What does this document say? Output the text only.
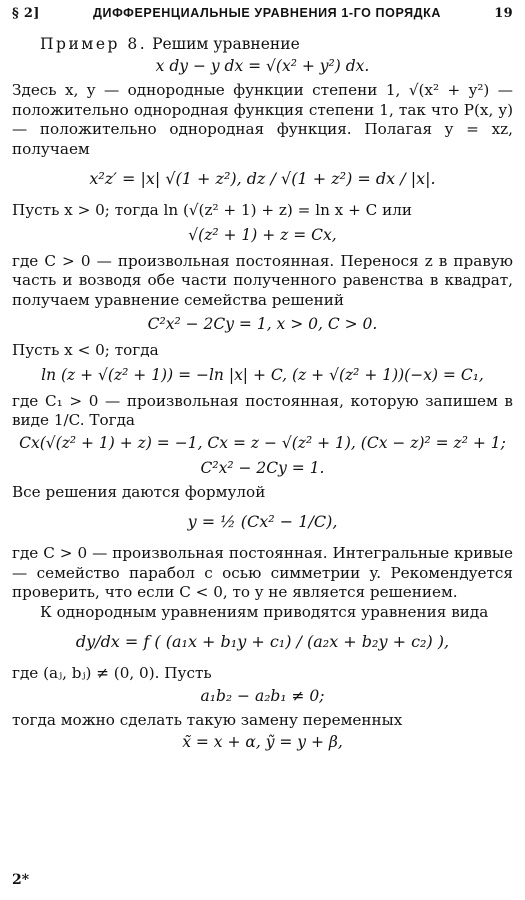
§ 2]	ДИФФЕРЕНЦИАЛЬНЫЕ УРАВНЕНИЯ 1-ГО ПОРЯДКА	19

Пример 8. Решим уравнение

x dy − y dx = √(x² + y²) dx.

Здесь x, y — однородные функции степени 1, √(x² + y²) — положительно однородная функция степени 1, так что P(x, y) — положительно однородная функция. Полагая y = xz, получаем

x²z′ = |x| √(1 + z²), dz / √(1 + z²) = dx / |x|.

Пусть x > 0; тогда ln (√(z² + 1) + z) = ln x + C или

√(z² + 1) + z = Cx,

где C > 0 — произвольная постоянная. Перенося z в правую часть и возводя обе части полученного равенства в квадрат, получаем уравнение семейства решений

C²x² − 2Cy = 1, x > 0, C > 0.

Пусть x < 0; тогда

ln (z + √(z² + 1)) = −ln |x| + C, (z + √(z² + 1))(−x) = C₁,

где C₁ > 0 — произвольная постоянная, которую запишем в виде 1/C. Тогда

Cx(√(z² + 1) + z) = −1, Cx = z − √(z² + 1), (Cx − z)² = z² + 1;
C²x² − 2Cy = 1.

Все решения даются формулой

y = ½ (Cx² − 1/C),

где C > 0 — произвольная постоянная. Интегральные кривые — семейство парабол с осью симметрии y. Рекомендуется проверить, что если C < 0, то y не является решением.

К однородным уравнениям приводятся уравнения вида

dy/dx = f ( (a₁x + b₁y + c₁) / (a₂x + b₂y + c₂) ),

где (aⱼ, bⱼ) ≠ (0, 0). Пусть

a₁b₂ − a₂b₁ ≠ 0;

тогда можно сделать такую замену переменных

x̃ = x + α, ỹ = y + β,
2*
